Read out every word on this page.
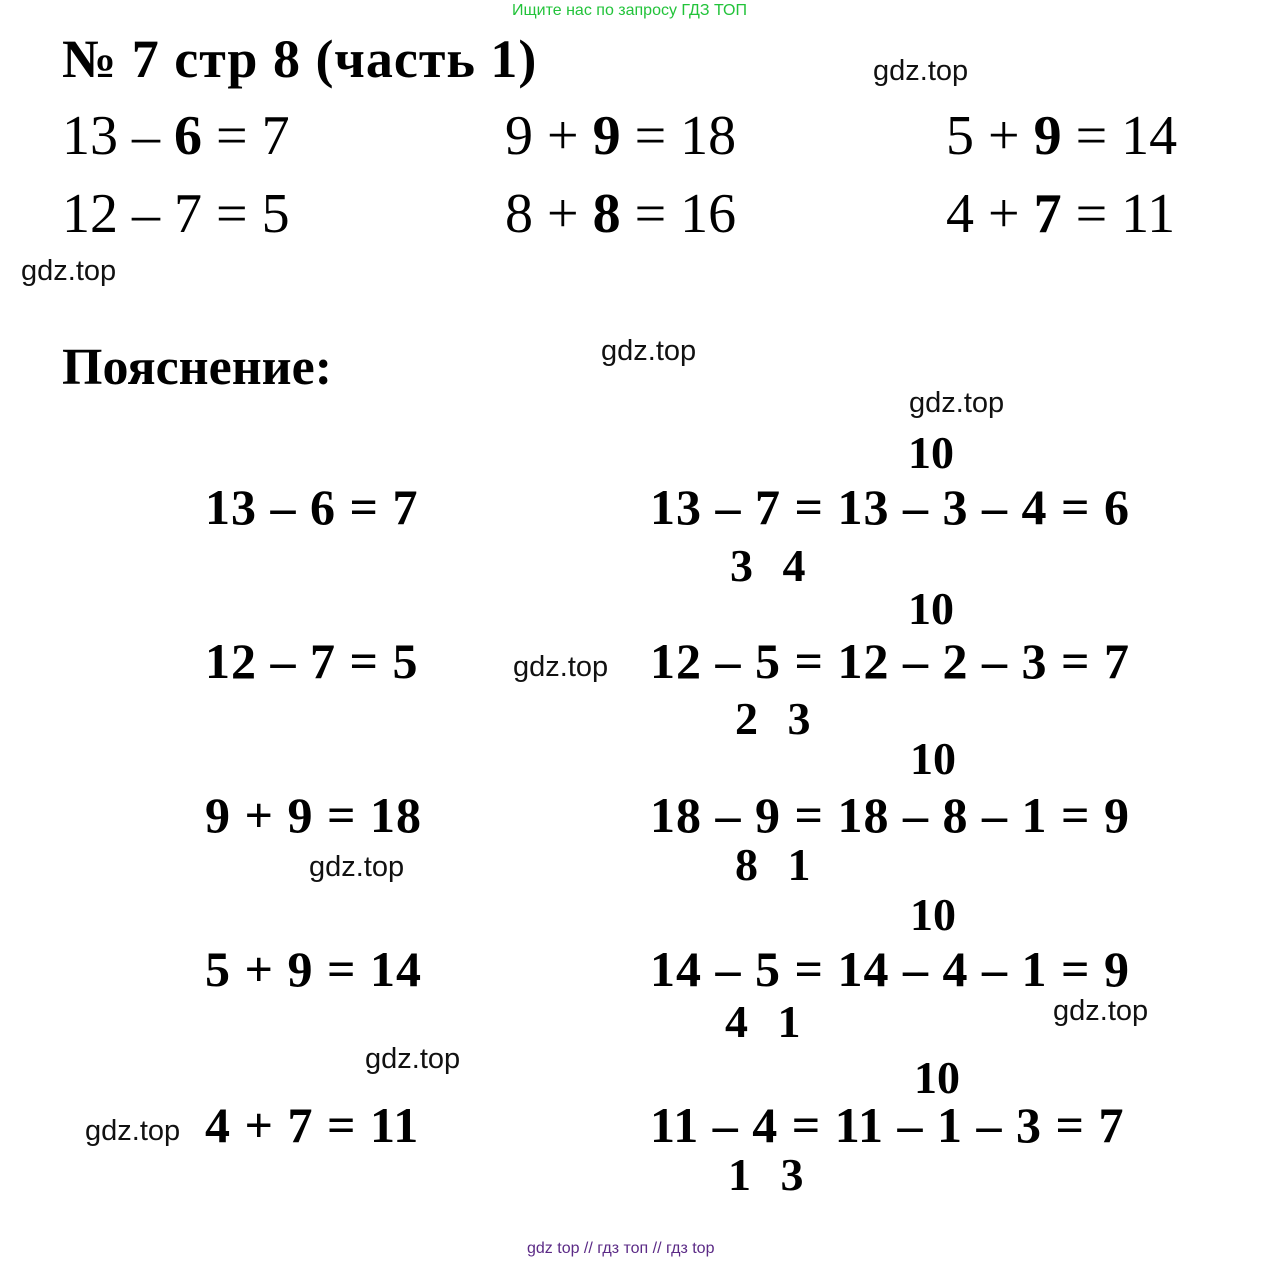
Ищите нас по запросу ГДЗ ТОП
№ 7 стр 8 (часть 1)
13 – 6 = 7	9 + 9 = 18	5 + 9 = 14
12 – 7 = 5	8 + 8 = 16	4 + 7 = 11
Пояснение:
13 – 6 = 7
12 – 7 = 5
9 + 9 = 18
5 + 9 = 14
4 + 7 = 11
10
13 – 7 = 13 – 3 – 4 = 6
3 4
10
12 – 5 = 12 – 2 – 3 = 7
2 3
10
18 – 9 = 18 – 8 – 1 = 9
8 1
10
14 – 5 = 14 – 4 – 1 = 9
4 1
10
11 – 4 = 11 – 1 – 3 = 7
1 3
gdz.top
gdz.top
gdz.top
gdz.top
gdz.top
gdz.top
gdz.top
gdz.top
gdz.top
gdz top // гдз топ // гдз top
